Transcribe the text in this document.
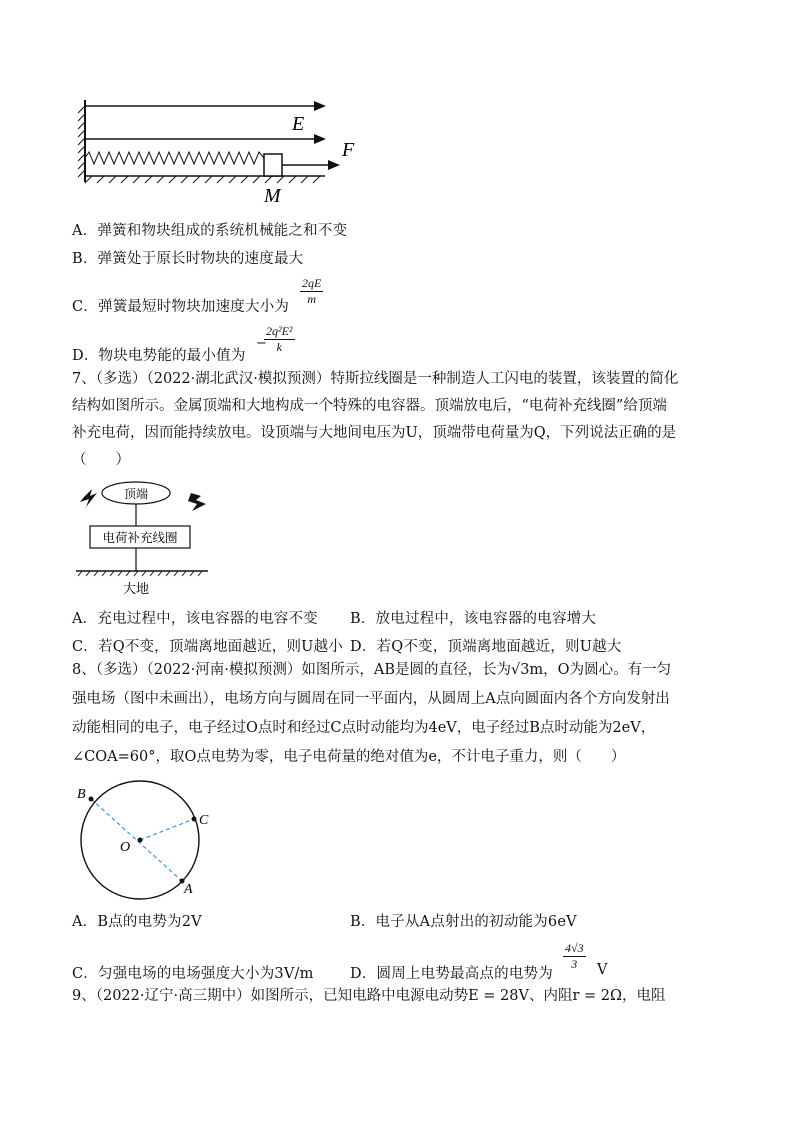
E
F
M
A．弹簧和物块组成的系统机械能之和不变
B．弹簧处于原长时物块的速度最大
C．弹簧最短时物块加速度大小为 $\frac{2qE}{m}$
D．物块电势能的最小值为
−
$\frac{\text{2q²E²}}{k}$
7、（多选）（2022·湖北武汉·模拟预测）特斯拉线圈是一种制造人工闪电的装置，该装置的简化
结构如图所示。金属顶端和大地构成一个特殊的电容器。顶端放电后，“电荷补充线圈”给顶端
补充电荷，因而能持续放电。设顶端与大地间电压为U，顶端带电荷量为Q，下列说法正确的是
（　　）
顶端
电荷补充线圈
大地
A．充电过程中，该电容器的电容不变 B．放电过程中，该电容器的电容增大
C．若Q不变，顶端离地面越近，则U越小 D．若Q不变，顶端离地面越近，则U越大
8、（多选）（2022·河南·模拟预测）如图所示，AB是圆的直径，长为√3m，O为圆心。有一匀
强电场（图中未画出），电场方向与圆周在同一平面内，从圆周上A点向圆面内各个方向发射出
动能相同的电子，电子经过O点时和经过C点时动能均为4eV，电子经过B点时动能为2eV，
∠COA=60°，取O点电势为零，电子电荷量的绝对值为e，不计电子重力，则（　　）
B
C
O
A
A．B点的电势为2V	B．电子从A点射出的初动能为6eV
C．匀强电场的电场强度大小为3V/m	D．圆周上电势最高点的电势为
$\frac{4√3}{3}$ V
9、（2022·辽宁·高三期中）如图所示，已知电路中电源电动势E = 28V、内阻r = 2Ω，电阻
